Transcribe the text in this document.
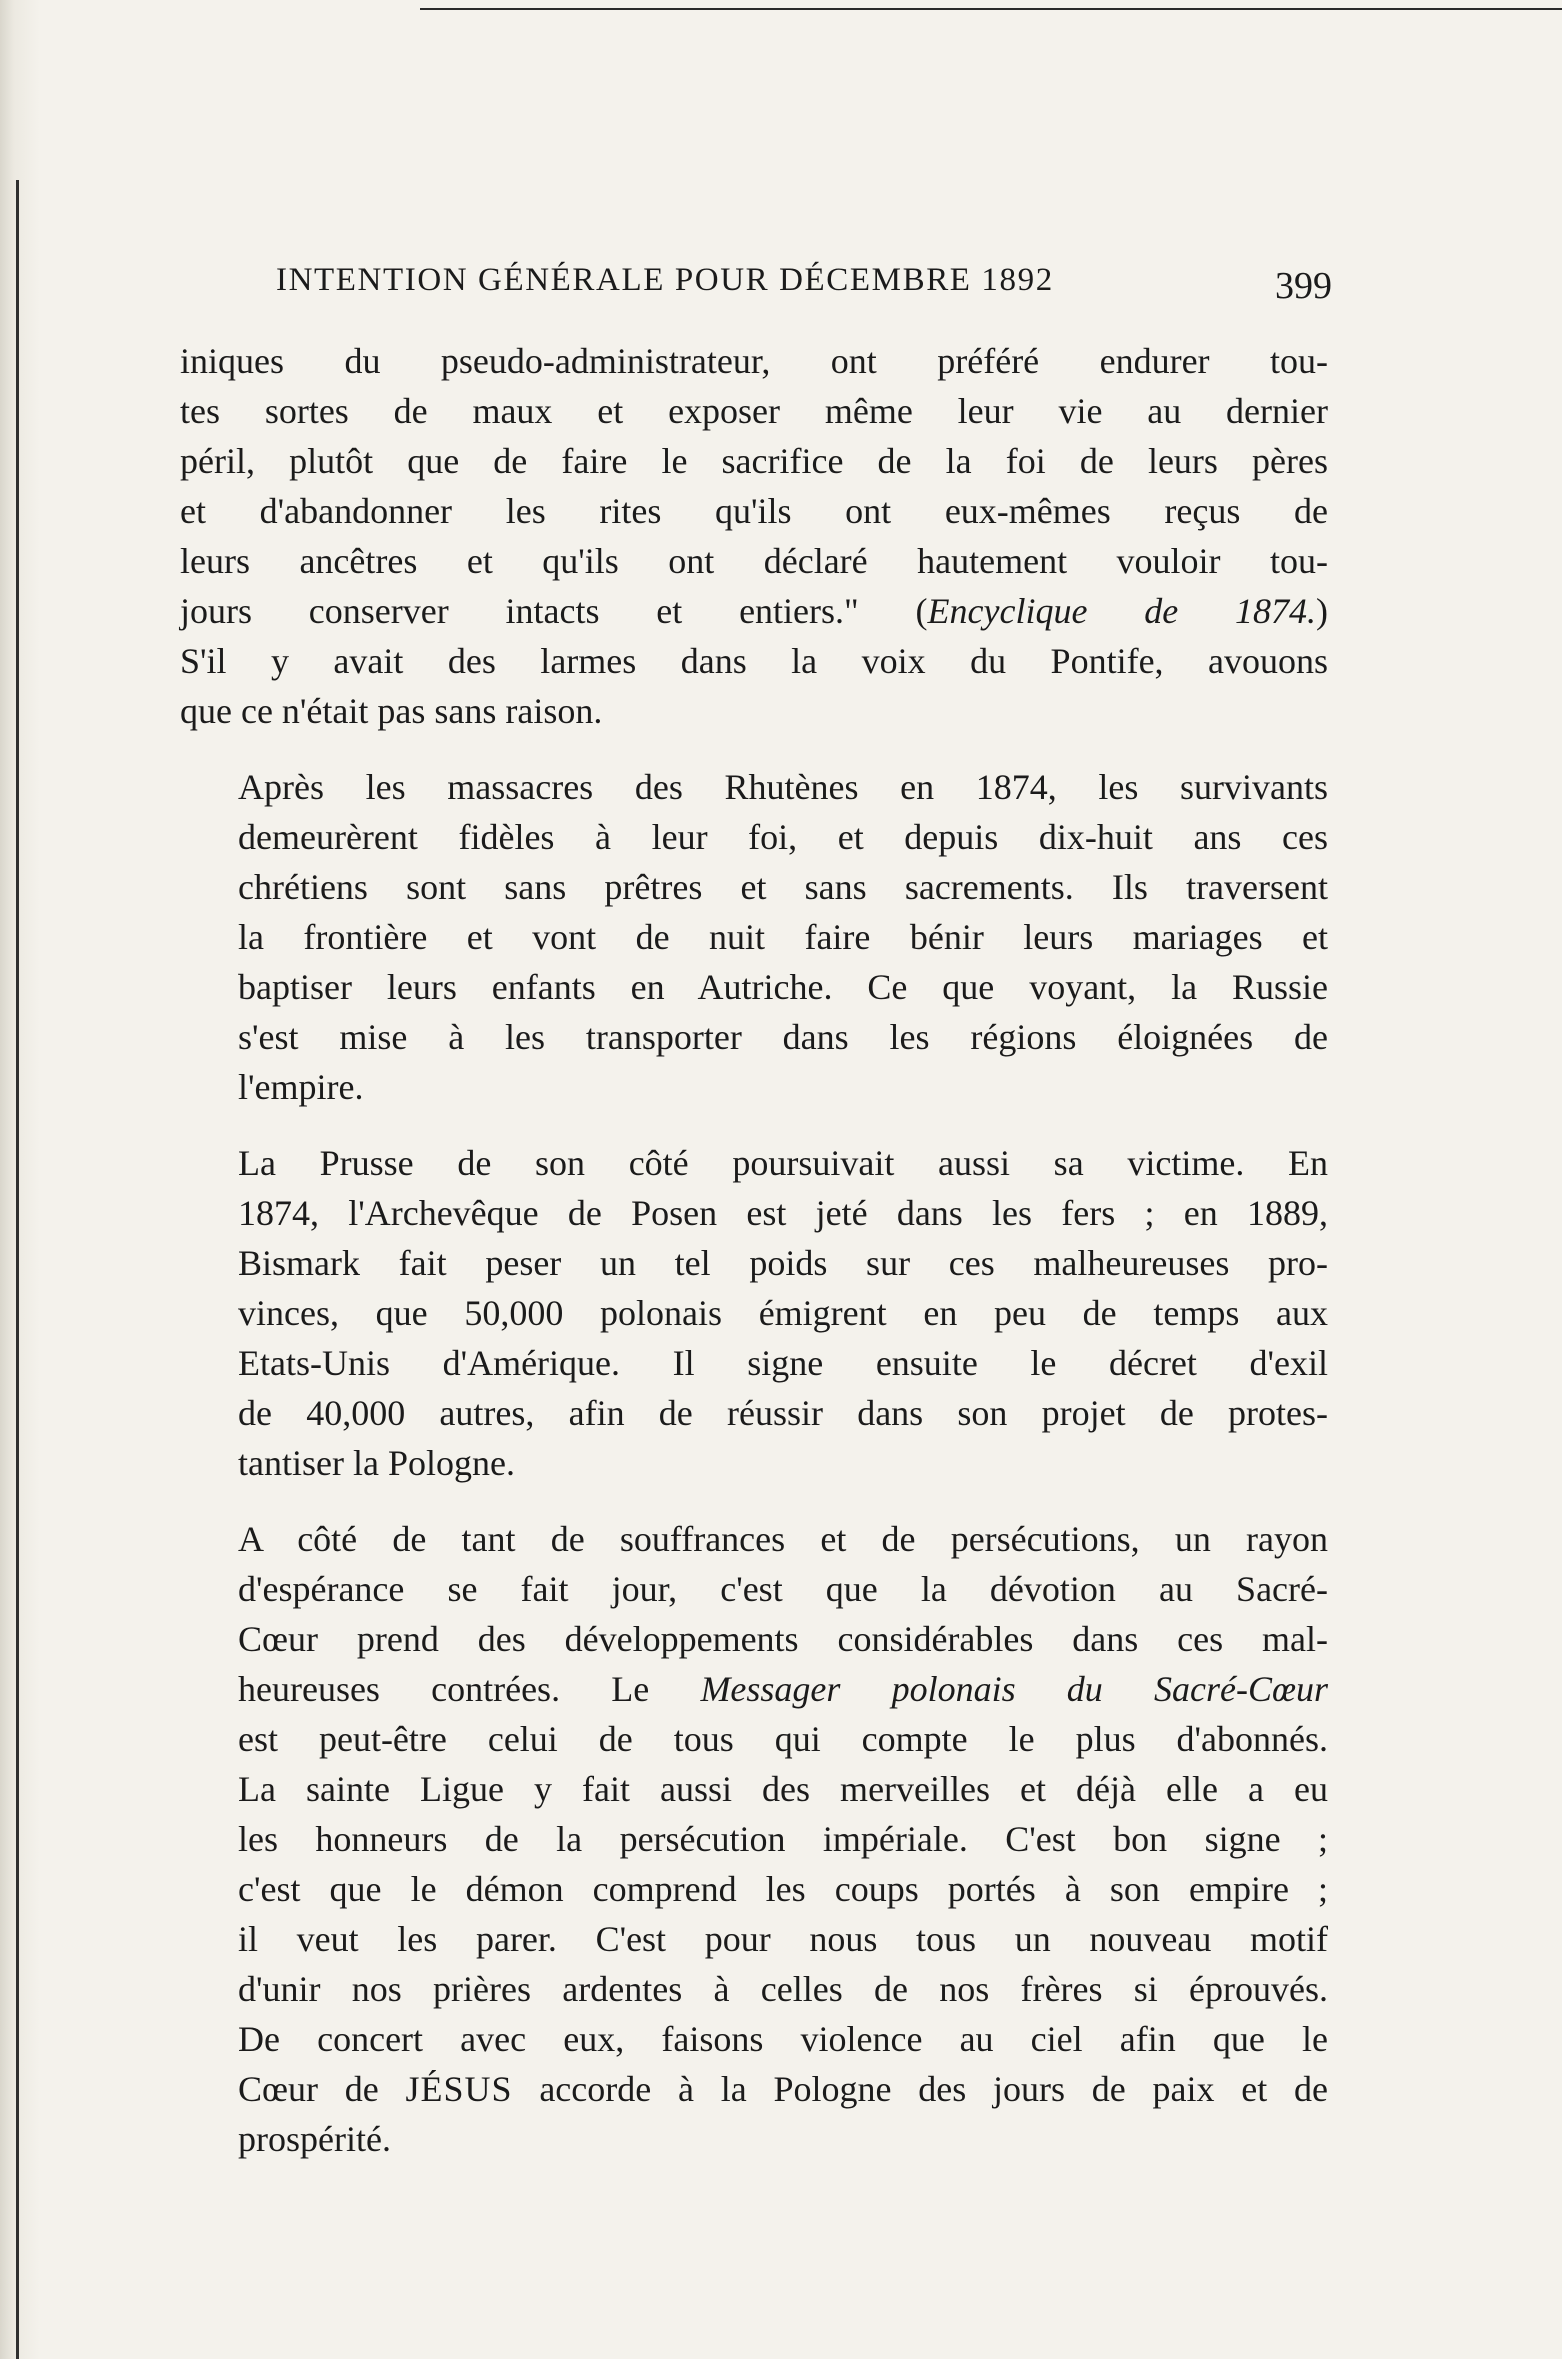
INTENTION GÉNÉRALE POUR DÉCEMBRE 1892	399

iniques du pseudo-administrateur, ont préféré endurer tou-
tes sortes de maux et exposer même leur vie au dernier
péril, plutôt que de faire le sacrifice de la foi de leurs pères
et d'abandonner les rites qu'ils ont eux-mêmes reçus de
leurs ancêtres et qu'ils ont déclaré hautement vouloir tou-
jours conserver intacts et entiers." (Encyclique de 1874.)
S'il y avait des larmes dans la voix du Pontife, avouons
que ce n'était pas sans raison.

Après les massacres des Rhutènes en 1874, les survivants
demeurèrent fidèles à leur foi, et depuis dix-huit ans ces
chrétiens sont sans prêtres et sans sacrements. Ils traversent
la frontière et vont de nuit faire bénir leurs mariages et
baptiser leurs enfants en Autriche. Ce que voyant, la Russie
s'est mise à les transporter dans les régions éloignées de
l'empire.

La Prusse de son côté poursuivait aussi sa victime. En
1874, l'Archevêque de Posen est jeté dans les fers ; en 1889,
Bismark fait peser un tel poids sur ces malheureuses pro-
vinces, que 50,000 polonais émigrent en peu de temps aux
Etats-Unis d'Amérique. Il signe ensuite le décret d'exil
de 40,000 autres, afin de réussir dans son projet de protes-
tantiser la Pologne.

A côté de tant de souffrances et de persécutions, un rayon
d'espérance se fait jour, c'est que la dévotion au Sacré-
Cœur prend des développements considérables dans ces mal-
heureuses contrées. Le Messager polonais du Sacré-Cœur
est peut-être celui de tous qui compte le plus d'abonnés.
La sainte Ligue y fait aussi des merveilles et déjà elle a eu
les honneurs de la persécution impériale. C'est bon signe ;
c'est que le démon comprend les coups portés à son empire ;
il veut les parer. C'est pour nous tous un nouveau motif
d'unir nos prières ardentes à celles de nos frères si éprouvés.
De concert avec eux, faisons violence au ciel afin que le
Cœur de JÉSUS accorde à la Pologne des jours de paix et de
prospérité.
